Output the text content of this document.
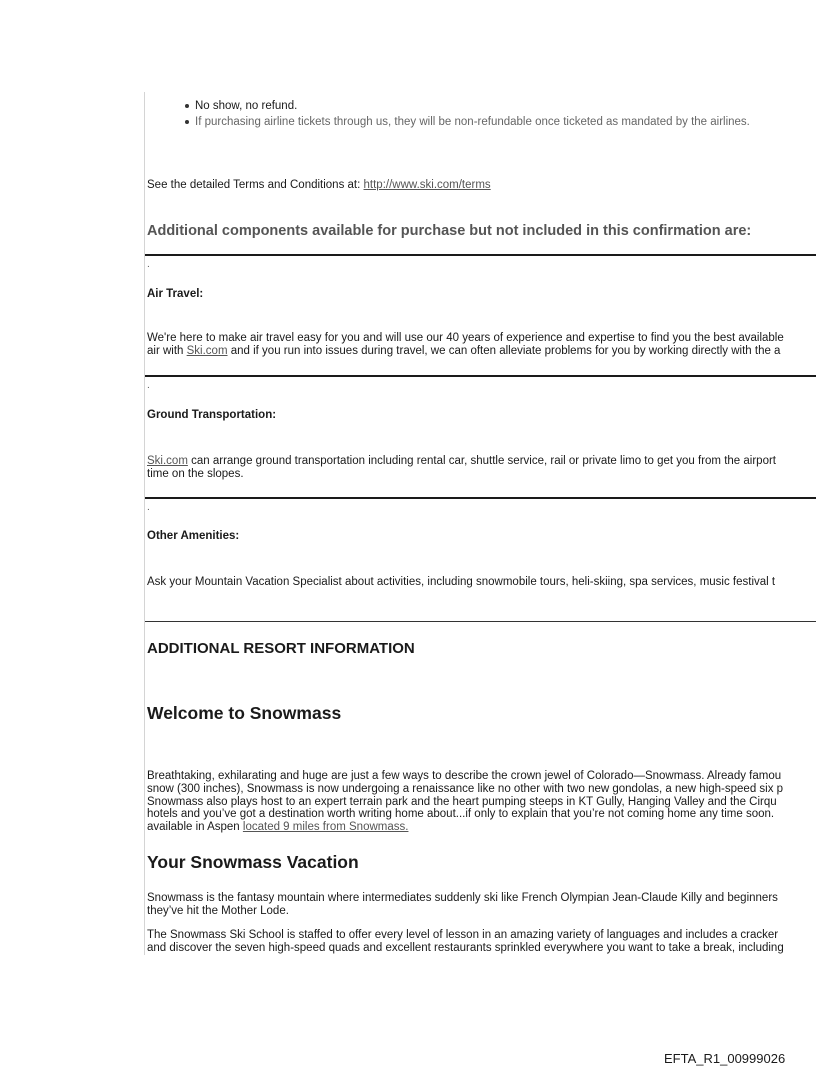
No show, no refund.
If purchasing airline tickets through us, they will be non-refundable once ticketed as mandated by the airlines.
See the detailed Terms and Conditions at: http://www.ski.com/terms
Additional components available for purchase but not included in this confirmation are:
.
Air Travel:
We're here to make air travel easy for you and will use our 40 years of experience and expertise to find you the best available
air with Ski.com and if you run into issues during travel, we can often alleviate problems for you by working directly with the a
.
Ground Transportation:
Ski.com can arrange ground transportation including rental car, shuttle service, rail or private limo to get you from the airport
time on the slopes.
.
Other Amenities:
Ask your Mountain Vacation Specialist about activities, including snowmobile tours, heli-skiing, spa services, music festival t
ADDITIONAL RESORT INFORMATION
Welcome to Snowmass
Breathtaking, exhilarating and huge are just a few ways to describe the crown jewel of Colorado—Snowmass. Already famou
snow (300 inches), Snowmass is now undergoing a renaissance like no other with two new gondolas, a new high-speed six p
Snowmass also plays host to an expert terrain park and the heart pumping steeps in KT Gully, Hanging Valley and the Cirqu
hotels and you’ve got a destination worth writing home about...if only to explain that you’re not coming home any time soon.
available in Aspen located 9 miles from Snowmass.
Your Snowmass Vacation
Snowmass is the fantasy mountain where intermediates suddenly ski like French Olympian Jean-Claude Killy and beginners
they’ve hit the Mother Lode.
The Snowmass Ski School is staffed to offer every level of lesson in an amazing variety of languages and includes a cracker
and discover the seven high-speed quads and excellent restaurants sprinkled everywhere you want to take a break, including
EFTA_R1_00999026
